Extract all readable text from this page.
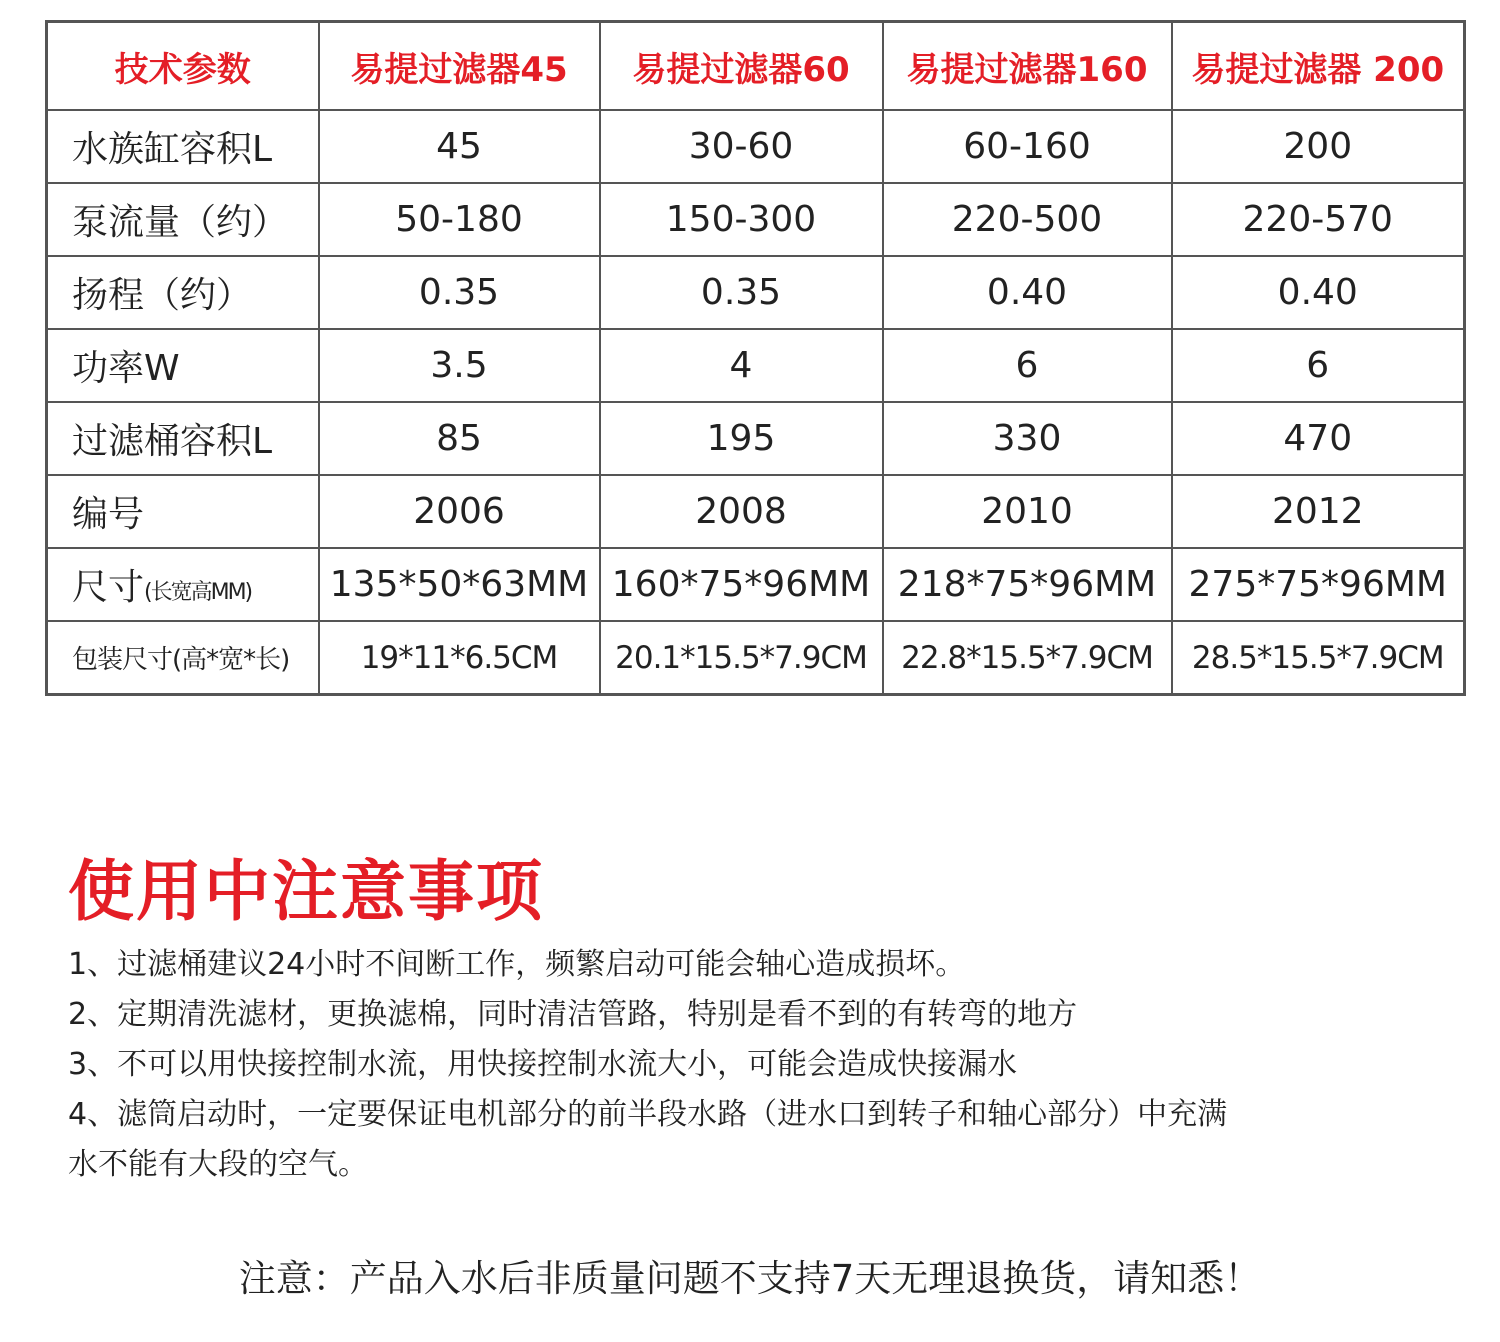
技术参数	易提过滤器45	易提过滤器60	易提过滤器160	易提过滤器 200
水族缸容积L	45	30-60	60-160	200
泵流量（约）	50-180	150-300	220-500	220-570
扬程（约）	0.35	0.35	0.40	0.40
功率W	3.5	4	6	6
过滤桶容积L	85	195	330	470
编号	2006	2008	2010	2012
尺寸(长宽高MM)	135*50*63MM	160*75*96MM	218*75*96MM	275*75*96MM
包装尺寸(高*宽*长)	19*11*6.5CM	20.1*15.5*7.9CM	22.8*15.5*7.9CM	28.5*15.5*7.9CM
使用中注意事项
1、过滤桶建议24小时不间断工作，频繁启动可能会轴心造成损坏。
2、定期清洗滤材，更换滤棉，同时清洁管路，特别是看不到的有转弯的地方
3、不可以用快接控制水流，用快接控制水流大小，可能会造成快接漏水
4、滤筒启动时，一定要保证电机部分的前半段水路（进水口到转子和轴心部分）中充满水不能有大段的空气。
注意：产品入水后非质量问题不支持7天无理退换货，请知悉！
